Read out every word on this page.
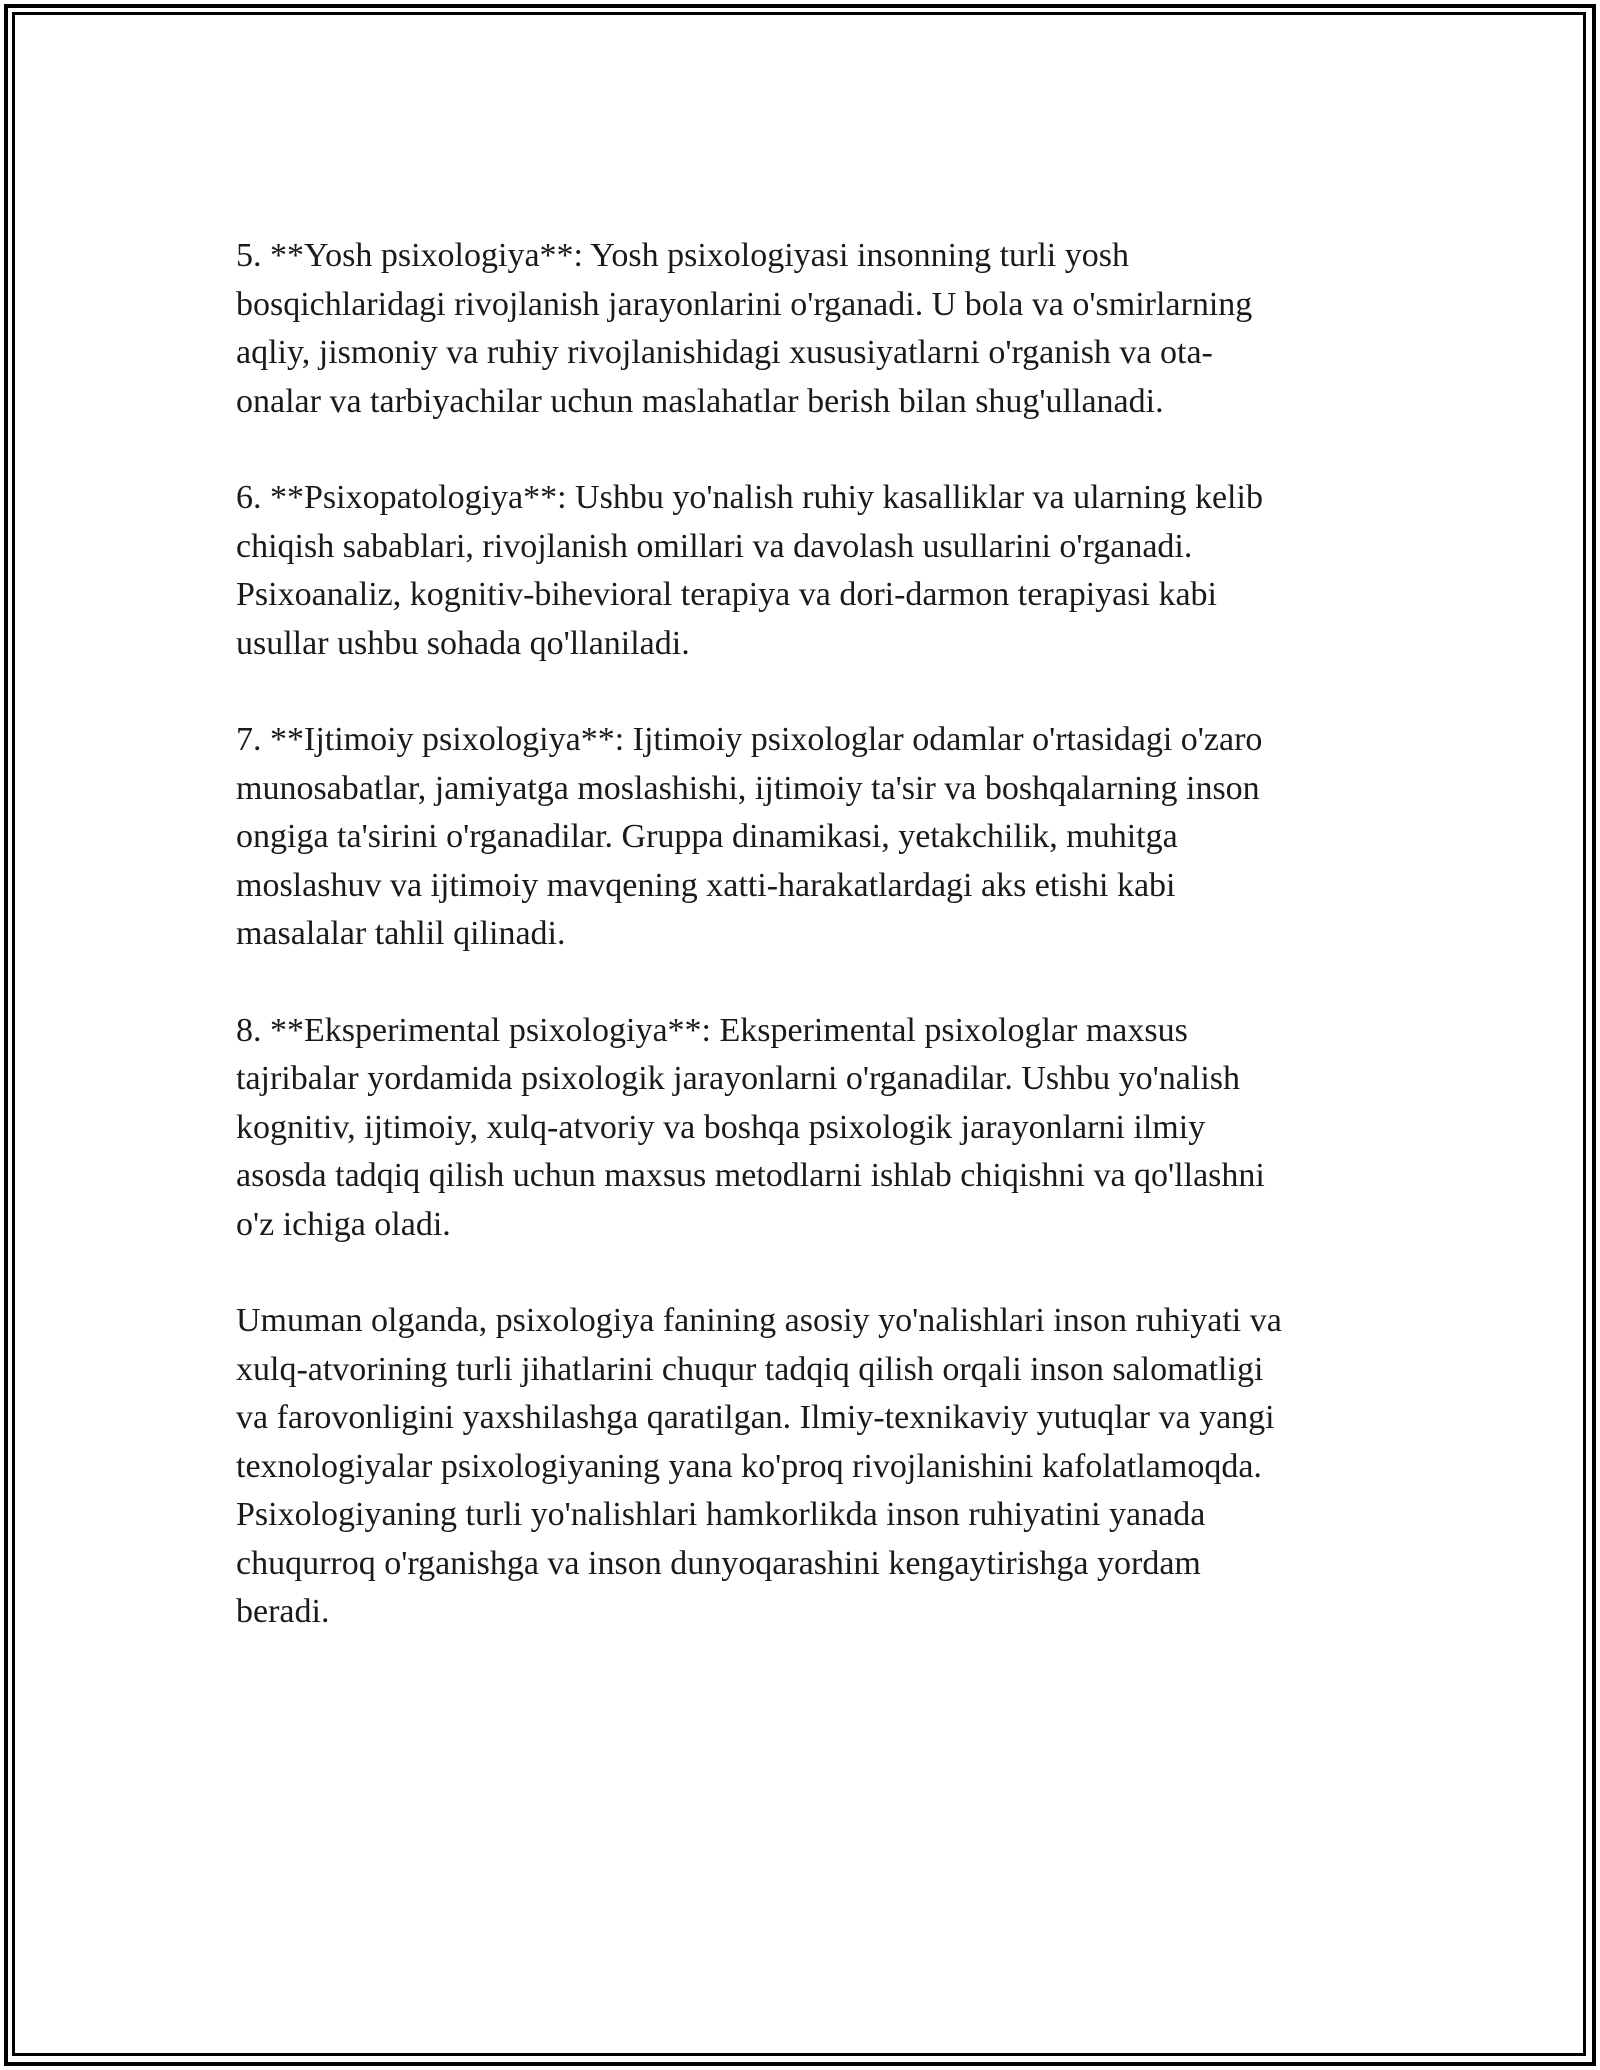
5. **Yosh psixologiya**: Yosh psixologiyasi insonning turli yosh
bosqichlaridagi rivojlanish jarayonlarini o'rganadi. U bola va o'smirlarning
aqliy, jismoniy va ruhiy rivojlanishidagi xususiyatlarni o'rganish va ota-
onalar va tarbiyachilar uchun maslahatlar berish bilan shug'ullanadi.

6. **Psixopatologiya**: Ushbu yo'nalish ruhiy kasalliklar va ularning kelib
chiqish sabablari, rivojlanish omillari va davolash usullarini o'rganadi.
Psixoanaliz, kognitiv-bihevioral terapiya va dori-darmon terapiyasi kabi
usullar ushbu sohada qo'llaniladi.

7. **Ijtimoiy psixologiya**: Ijtimoiy psixologlar odamlar o'rtasidagi o'zaro
munosabatlar, jamiyatga moslashishi, ijtimoiy ta'sir va boshqalarning inson
ongiga ta'sirini o'rganadilar. Gruppa dinamikasi, yetakchilik, muhitga
moslashuv va ijtimoiy mavqening xatti-harakatlardagi aks etishi kabi
masalalar tahlil qilinadi.

8. **Eksperimental psixologiya**: Eksperimental psixologlar maxsus
tajribalar yordamida psixologik jarayonlarni o'rganadilar. Ushbu yo'nalish
kognitiv, ijtimoiy, xulq-atvoriy va boshqa psixologik jarayonlarni ilmiy
asosda tadqiq qilish uchun maxsus metodlarni ishlab chiqishni va qo'llashni
o'z ichiga oladi.

Umuman olganda, psixologiya fanining asosiy yo'nalishlari inson ruhiyati va
xulq-atvorining turli jihatlarini chuqur tadqiq qilish orqali inson salomatligi
va farovonligini yaxshilashga qaratilgan. Ilmiy-texnikaviy yutuqlar va yangi
texnologiyalar psixologiyaning yana ko'proq rivojlanishini kafolatlamoqda.
Psixologiyaning turli yo'nalishlari hamkorlikda inson ruhiyatini yanada
chuqurroq o'rganishga va inson dunyoqarashini kengaytirishga yordam
beradi.
